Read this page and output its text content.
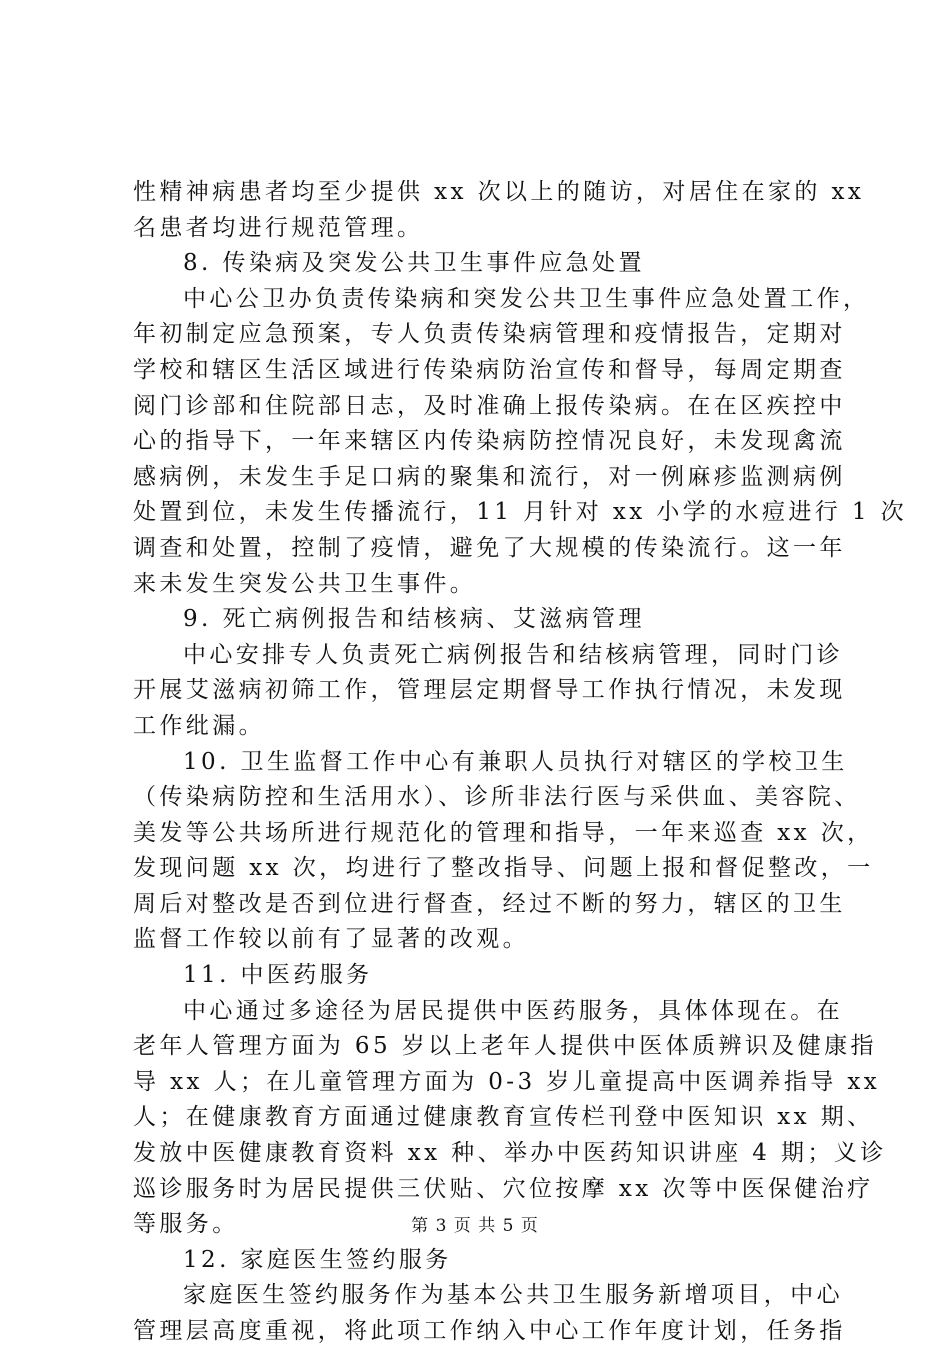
性精神病患者均至少提供 xx 次以上的随访，对居住在家的 xx
名患者均进行规范管理。
8. 传染病及突发公共卫生事件应急处置
中心公卫办负责传染病和突发公共卫生事件应急处置工作，
年初制定应急预案，专人负责传染病管理和疫情报告，定期对
学校和辖区生活区域进行传染病防治宣传和督导，每周定期查
阅门诊部和住院部日志，及时准确上报传染病。在在区疾控中
心的指导下，一年来辖区内传染病防控情况良好，未发现禽流
感病例，未发生手足口病的聚集和流行，对一例麻疹监测病例
处置到位，未发生传播流行，11 月针对 xx 小学的水痘进行 1 次
调查和处置，控制了疫情，避免了大规模的传染流行。这一年
来未发生突发公共卫生事件。
9. 死亡病例报告和结核病、艾滋病管理
中心安排专人负责死亡病例报告和结核病管理，同时门诊
开展艾滋病初筛工作，管理层定期督导工作执行情况，未发现
工作纰漏。
10. 卫生监督工作中心有兼职人员执行对辖区的学校卫生
（传染病防控和生活用水）、诊所非法行医与采供血、美容院、
美发等公共场所进行规范化的管理和指导，一年来巡查 xx 次，
发现问题 xx 次，均进行了整改指导、问题上报和督促整改，一
周后对整改是否到位进行督查，经过不断的努力，辖区的卫生
监督工作较以前有了显著的改观。
11. 中医药服务
中心通过多途径为居民提供中医药服务，具体体现在。在
老年人管理方面为 65 岁以上老年人提供中医体质辨识及健康指
导 xx 人；在儿童管理方面为 0-3 岁儿童提高中医调养指导 xx
人；在健康教育方面通过健康教育宣传栏刊登中医知识 xx 期、
发放中医健康教育资料 xx 种、举办中医药知识讲座 4 期；义诊
巡诊服务时为居民提供三伏贴、穴位按摩 xx 次等中医保健治疗
等服务。
12. 家庭医生签约服务
家庭医生签约服务作为基本公共卫生服务新增项目，中心
管理层高度重视，将此项工作纳入中心工作年度计划，任务指
第 3 页 共 5 页
